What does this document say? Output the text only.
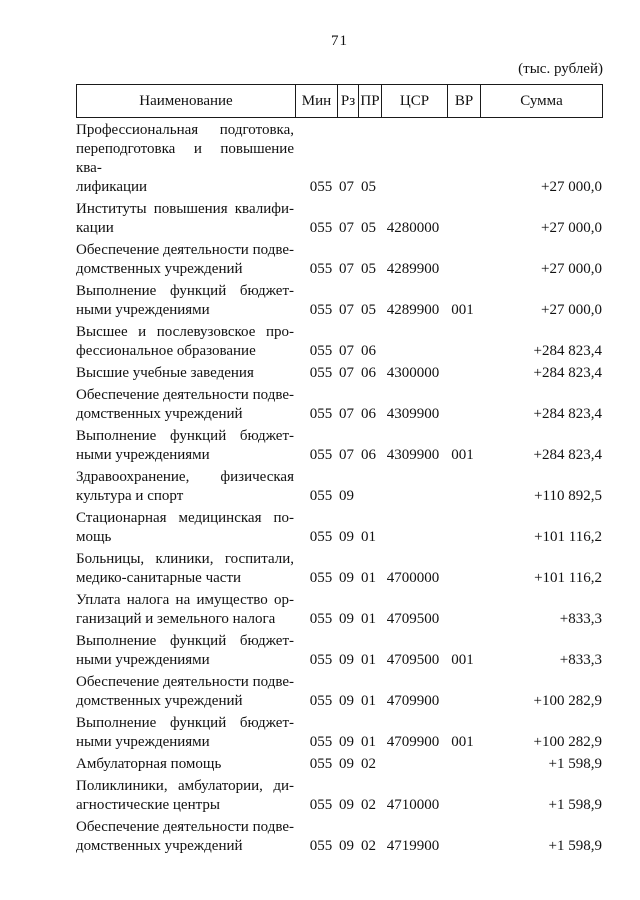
71
(тыс. рублей)
Наименование	Мин Рз ПР	ЦСР	ВР	Сумма
Профессиональная подготовка,
переподготовка и повышение ква-
лификации	055 07 05	+27 000,0
Институты повышения квалифи-
кации	055 07 05 4280000	+27 000,0
Обеспечение деятельности подве-
домственных учреждений	055 07 05 4289900	+27 000,0
Выполнение функций бюджет-
ными учреждениями	055 07 05 4289900 001	+27 000,0
Высшее и послевузовское про-
фессиональное образование	055 07 06	+284 823,4
Высшие учебные заведения	055 07 06 4300000	+284 823,4
Обеспечение деятельности подве-
домственных учреждений	055 07 06 4309900	+284 823,4
Выполнение функций бюджет-
ными учреждениями	055 07 06 4309900 001	+284 823,4
Здравоохранение, физическая
культура и спорт	055 09	+110 892,5
Стационарная медицинская по-
мощь	055 09 01	+101 116,2
Больницы, клиники, госпитали,
медико-санитарные части	055 09 01 4700000	+101 116,2
Уплата налога на имущество ор-
ганизаций и земельного налога	055 09 01 4709500	+833,3
Выполнение функций бюджет-
ными учреждениями	055 09 01 4709500 001	+833,3
Обеспечение деятельности подве-
домственных учреждений	055 09 01 4709900	+100 282,9
Выполнение функций бюджет-
ными учреждениями	055 09 01 4709900 001	+100 282,9
Амбулаторная помощь	055 09 02	+1 598,9
Поликлиники, амбулатории, ди-
агностические центры	055 09 02 4710000	+1 598,9
Обеспечение деятельности подве-
домственных учреждений	055 09 02 4719900	+1 598,9
